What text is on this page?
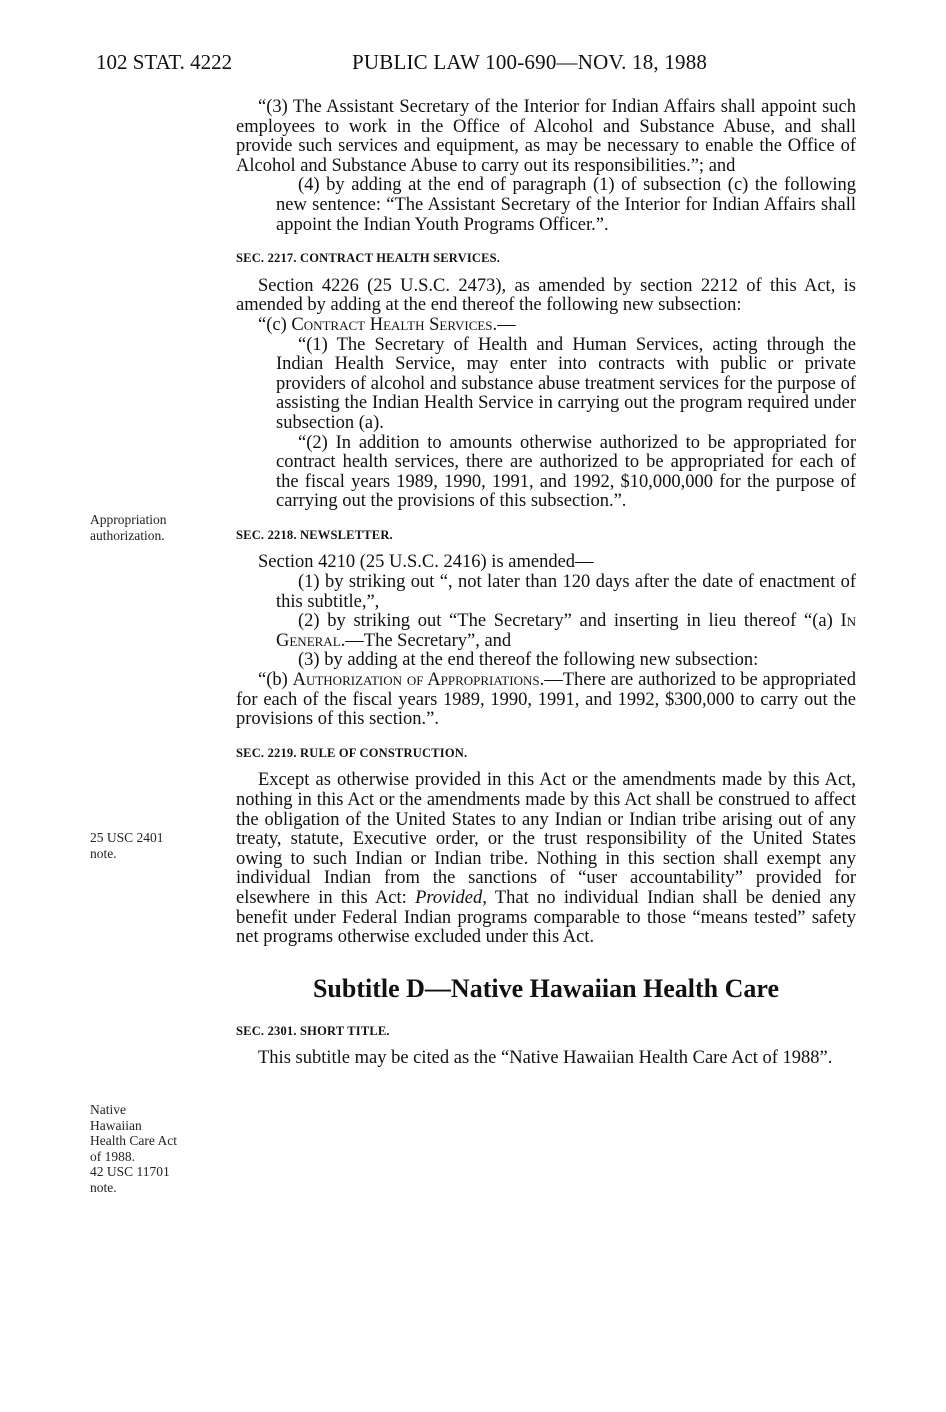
102 STAT. 4222	PUBLIC LAW 100-690—NOV. 18, 1988
Appropriation
authorization.
25 USC 2401
note.
Native
Hawaiian
Health Care Act
of 1988.
42 USC 11701
note.

“(3) The Assistant Secretary of the Interior for Indian Affairs shall appoint such employees to work in the Office of Alcohol and Substance Abuse, and shall provide such services and equipment, as may be necessary to enable the Office of Alcohol and Substance Abuse to carry out its responsibilities.”; and

(4) by adding at the end of paragraph (1) of subsection (c) the following new sentence: “The Assistant Secretary of the Interior for Indian Affairs shall appoint the Indian Youth Programs Officer.”.

SEC. 2217. CONTRACT HEALTH SERVICES.

Section 4226 (25 U.S.C. 2473), as amended by section 2212 of this Act, is amended by adding at the end thereof the following new subsection:

“(c) Contract Health Services.—

“(1) The Secretary of Health and Human Services, acting through the Indian Health Service, may enter into contracts with public or private providers of alcohol and substance abuse treatment services for the purpose of assisting the Indian Health Service in carrying out the program required under subsection (a).

“(2) In addition to amounts otherwise authorized to be appropriated for contract health services, there are authorized to be appropriated for each of the fiscal years 1989, 1990, 1991, and 1992, $10,000,000 for the purpose of carrying out the provisions of this subsection.”.

SEC. 2218. NEWSLETTER.

Section 4210 (25 U.S.C. 2416) is amended—

(1) by striking out “, not later than 120 days after the date of enactment of this subtitle,”,

(2) by striking out “The Secretary” and inserting in lieu thereof “(a) In General.—The Secretary”, and

(3) by adding at the end thereof the following new subsection:

“(b) Authorization of Appropriations.—There are authorized to be appropriated for each of the fiscal years 1989, 1990, 1991, and 1992, $300,000 to carry out the provisions of this section.”.

SEC. 2219. RULE OF CONSTRUCTION.

Except as otherwise provided in this Act or the amendments made by this Act, nothing in this Act or the amendments made by this Act shall be construed to affect the obligation of the United States to any Indian or Indian tribe arising out of any treaty, statute, Executive order, or the trust responsibility of the United States owing to such Indian or Indian tribe. Nothing in this section shall exempt any individual Indian from the sanctions of “user accountability” provided for elsewhere in this Act: Provided, That no individual Indian shall be denied any benefit under Federal Indian programs comparable to those “means tested” safety net programs otherwise excluded under this Act.

Subtitle D—Native Hawaiian Health Care
SEC. 2301. SHORT TITLE.

This subtitle may be cited as the “Native Hawaiian Health Care Act of 1988”.
